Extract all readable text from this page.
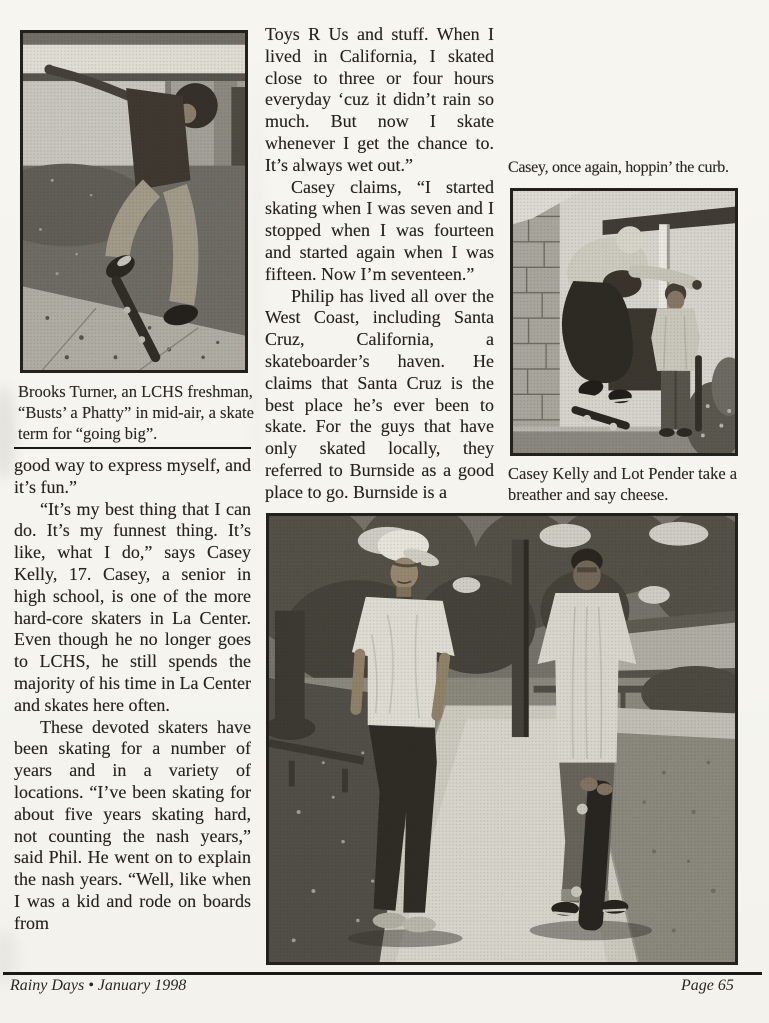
Brooks Turner, an LCHS freshman, “Busts’ a Phatty” in mid-air, a skate term for “going big”.

good way to express myself, and it’s fun.”

“It’s my best thing that I can do. It’s my funnest thing. It’s like, what I do,” says Casey Kelly, 17. Casey, a senior in high school, is one of the more hard-core skaters in La Center. Even though he no longer goes to LCHS, he still spends the majority of his time in La Center and skates here often.

These devoted skaters have been skating for a number of years and in a variety of locations. “I’ve been skating for about five years skating hard, not counting the nash years,” said Phil. He went on to explain the nash years. “Well, like when I was a kid and rode on boards from

Toys R Us and stuff. When I lived in California, I skated close to three or four hours everyday ‘cuz it didn’t rain so much. But now I skate whenever I get the chance to. It’s always wet out.”

Casey claims, “I started skating when I was seven and I stopped when I was fourteen and started again when I was fifteen. Now I’m seventeen.”

Philip has lived all over the West Coast, including Santa Cruz, California, a skateboarder’s haven. He claims that Santa Cruz is the best place he’s ever been to skate. For the guys that have only skated locally, they referred to Burnside as a good place to go. Burnside is a

Casey, once again, hoppin’ the curb.
Casey Kelly and Lot Pender take a breather and say cheese.
Rainy Days • January 1998	Page 65
